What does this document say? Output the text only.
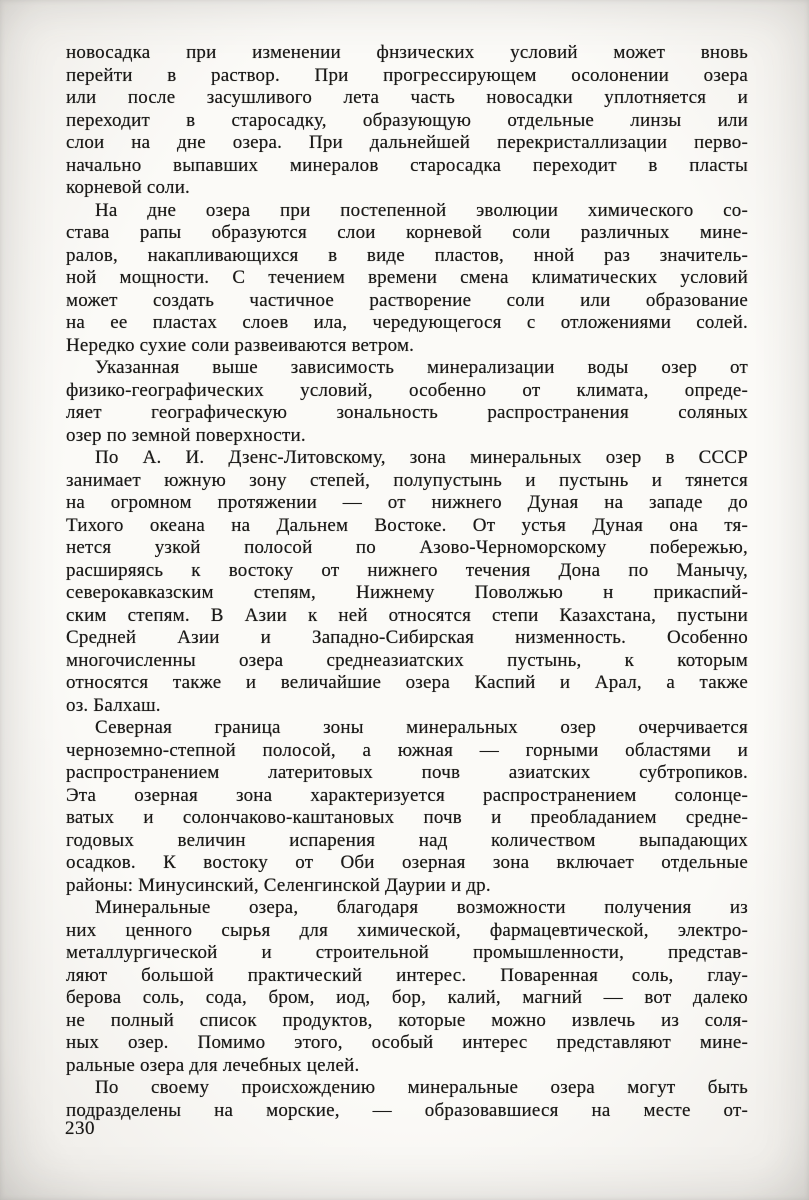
новосадка при изменении фнзических условий может вновь
перейти в раствор. При прогрессирующем осолонении озера
или после засушливого лета часть новосадки уплотняется и
переходит в старосадку, образующую отдельные линзы или
слои на дне озера. При дальнейшей перекристаллизации перво-
начально выпавших минералов старосадка переходит в пласты
корневой соли.
На дне озера при постепенной эволюции химического со-
става рапы образуются слои корневой соли различных мине-
ралов, накапливающихся в виде пластов, нной раз значитель-
ной мощности. С течением времени смена климатических условий
может создать частичное растворение соли или образование
на ее пластах слоев ила, чередующегося с отложениями солей.
Нередко сухие соли развеиваются ветром.
Указанная выше зависимость минерализации воды озер от
физико-географических условий, особенно от климата, опреде-
ляет географическую зональность распространения соляных
озер по земной поверхности.
По А. И. Дзенс-Литовскому, зона минеральных озер в СССР
занимает южную зону степей, полупустынь и пустынь и тянется
на огромном протяжении — от нижнего Дуная на западе до
Тихого океана на Дальнем Востоке. От устья Дуная она тя-
нется узкой полосой по Азово-Черноморскому побережью,
расширяясь к востоку от нижнего течения Дона по Манычу,
северокавказским степям, Нижнему Поволжью н прикаспий-
ским степям. В Азии к ней относятся степи Казахстана, пустыни
Средней Азии и Западно-Сибирская низменность. Особенно
многочисленны озера среднеазиатских пустынь, к которым
относятся также и величайшие озера Каспий и Арал, а также
оз. Балхаш.
Северная граница зоны минеральных озер очерчивается
черноземно-степной полосой, а южная — горными областями и
распространением латеритовых почв азиатских субтропиков.
Эта озерная зона характеризуется распространением солонце-
ватых и солончаково-каштановых почв и преобладанием средне-
годовых величин испарения над количеством выпадающих
осадков. К востоку от Оби озерная зона включает отдельные
районы: Минусинский, Селенгинской Даурии и др.
Минеральные озера, благодаря возможности получения из
них ценного сырья для химической, фармацевтической, электро-
металлургической и строительной промышленности, представ-
ляют большой практический интерес. Поваренная соль, глау-
берова соль, сода, бром, иод, бор, калий, магний — вот далеко
не полный список продуктов, которые можно извлечь из соля-
ных озер. Помимо этого, особый интерес представляют мине-
ральные озера для лечебных целей.
По своему происхождению минеральные озера могут быть
подразделены на морские, — образовавшиеся на месте от-
230
